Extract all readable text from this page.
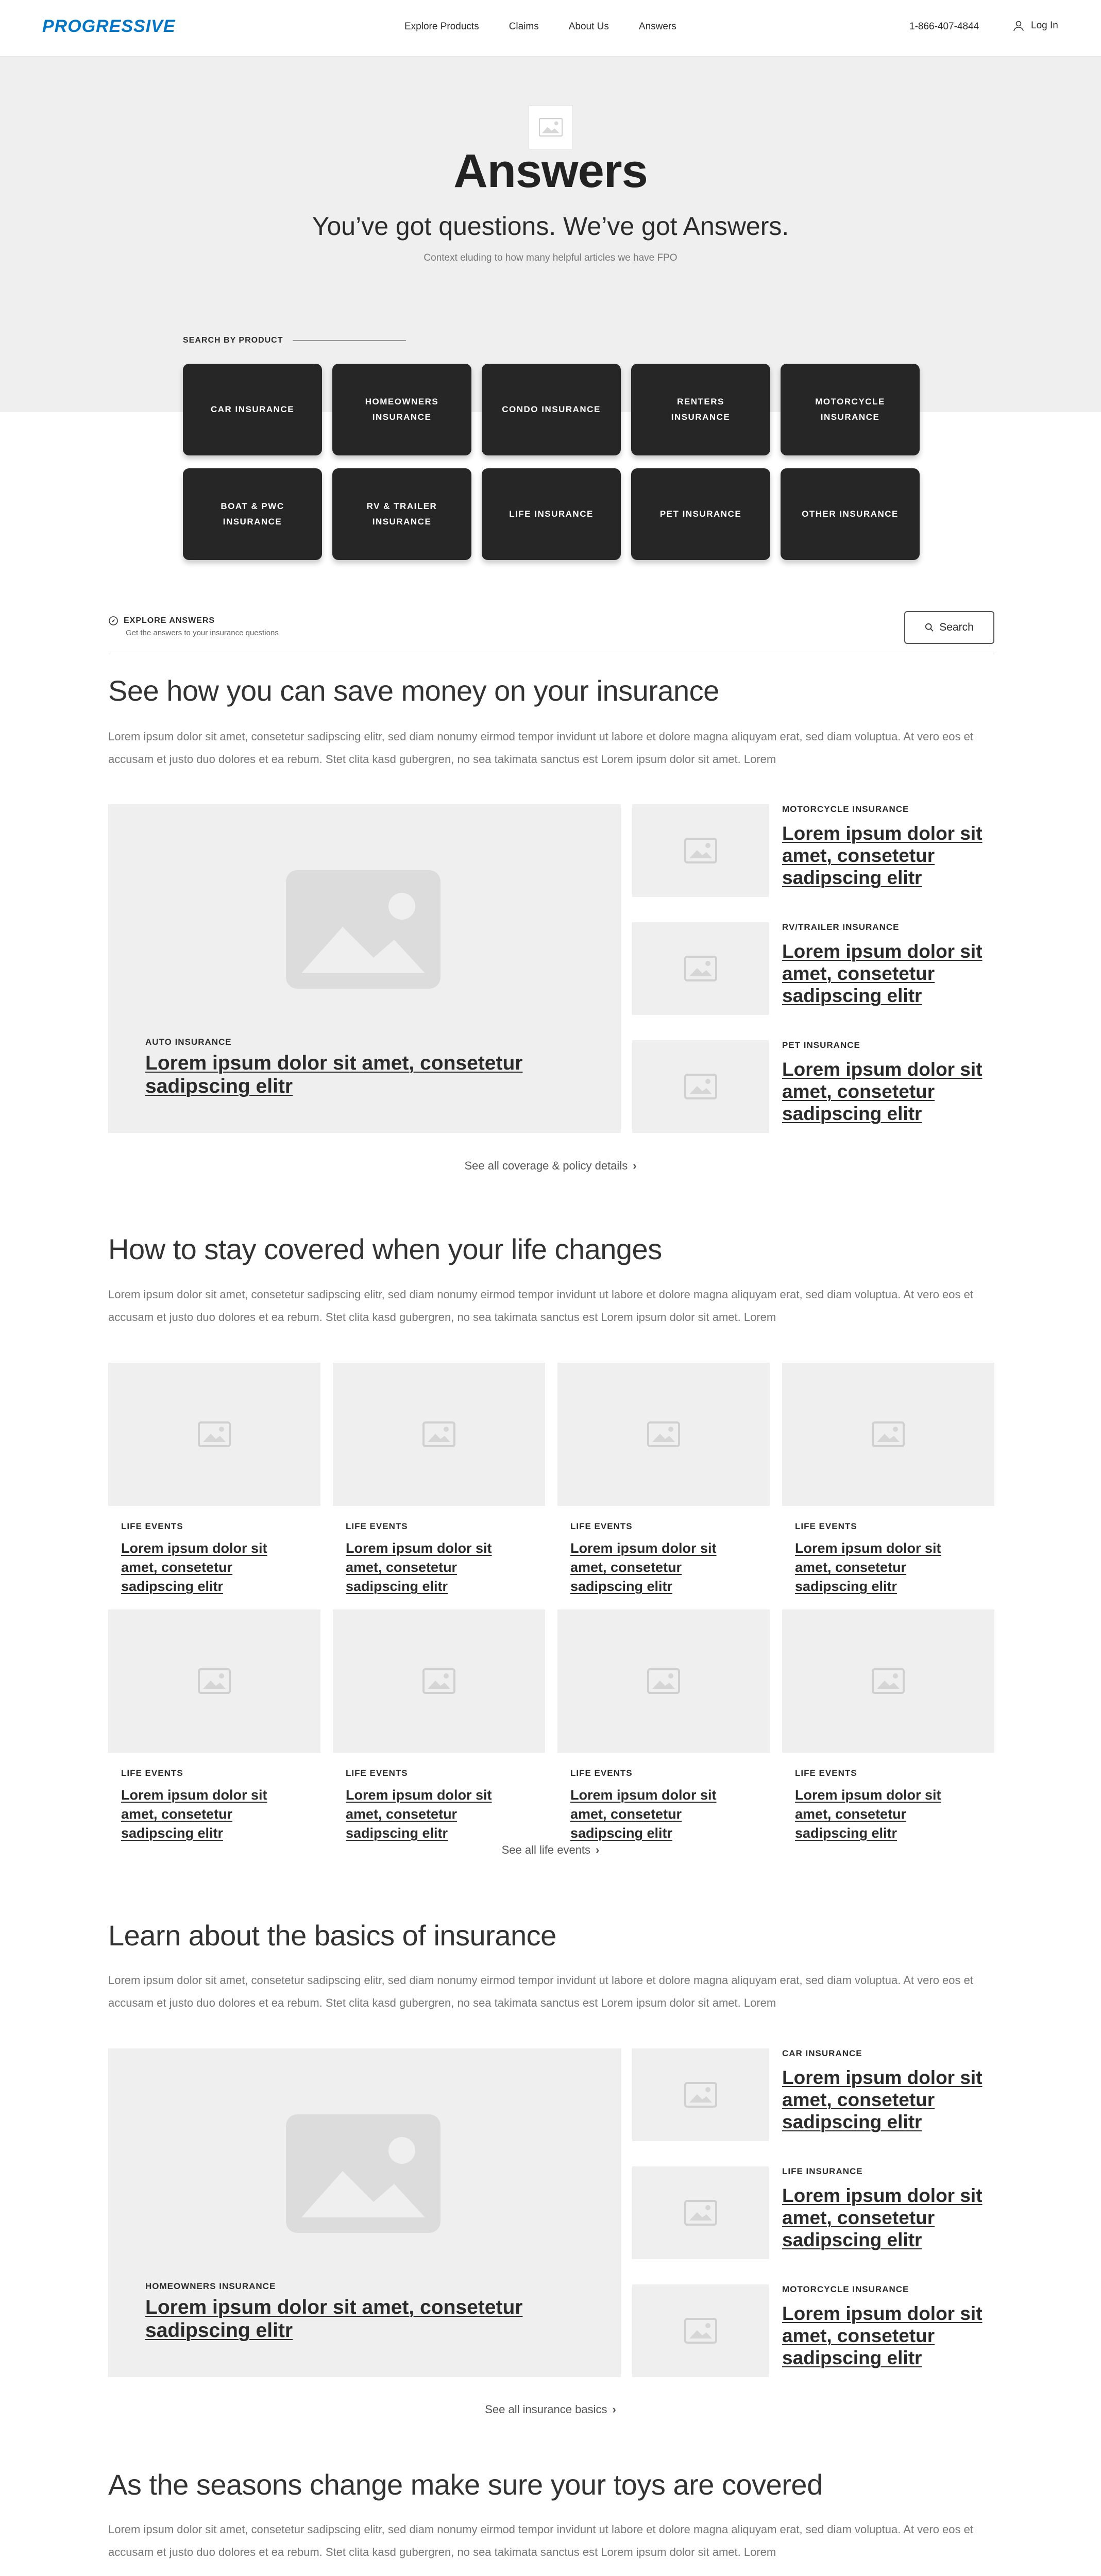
PROGRESSIVE	Explore Products	Claims	About Us	Answers	1-866-407-4844	Log In
Answers
You’ve got questions. We’ve got Answers.
Context eluding to how many helpful articles we have FPO
SEARCH BY PRODUCT
CAR INSURANCE
HOMEOWNERS INSURANCE
CONDO INSURANCE
RENTERS INSURANCE
MOTORCYCLE INSURANCE
BOAT & PWC INSURANCE
RV & TRAILER INSURANCE
LIFE INSURANCE	PET INSURANCE	OTHER INSURANCE
EXPLORE ANSWERS
Get the answers to your insurance questions	Search
See how you can save money on your insurance
Lorem ipsum dolor sit amet, consetetur sadipscing elitr, sed diam nonumy eirmod tempor invidunt ut labore et dolore magna aliquyam erat, sed diam voluptua. At vero eos et accusam et justo duo dolores et ea rebum. Stet clita kasd gubergren, no sea takimata sanctus est Lorem ipsum dolor sit amet. Lorem
AUTO INSURANCE
Lorem ipsum dolor sit amet, consetetur sadipscing elitr
MOTORCYCLE INSURANCE
Lorem ipsum dolor sit amet, consetetur sadipscing elitr
RV/TRAILER INSURANCE
Lorem ipsum dolor sit amet, consetetur sadipscing elitr
PET INSURANCE
Lorem ipsum dolor sit amet, consetetur sadipscing elitr
See all coverage & policy details ›
How to stay covered when your life changes
Lorem ipsum dolor sit amet, consetetur sadipscing elitr, sed diam nonumy eirmod tempor invidunt ut labore et dolore magna aliquyam erat, sed diam voluptua. At vero eos et accusam et justo duo dolores et ea rebum. Stet clita kasd gubergren, no sea takimata sanctus est Lorem ipsum dolor sit amet. Lorem
LIFE EVENTS
Lorem ipsum dolor sit amet, consetetur sadipscing elitr
LIFE EVENTS
Lorem ipsum dolor sit amet, consetetur sadipscing elitr
LIFE EVENTS
Lorem ipsum dolor sit amet, consetetur sadipscing elitr
LIFE EVENTS
Lorem ipsum dolor sit amet, consetetur sadipscing elitr
LIFE EVENTS
Lorem ipsum dolor sit amet, consetetur sadipscing elitr
LIFE EVENTS
Lorem ipsum dolor sit amet, consetetur sadipscing elitr
LIFE EVENTS
Lorem ipsum dolor sit amet, consetetur sadipscing elitr
LIFE EVENTS
Lorem ipsum dolor sit amet, consetetur sadipscing elitr
See all life events ›
Learn about the basics of insurance
Lorem ipsum dolor sit amet, consetetur sadipscing elitr, sed diam nonumy eirmod tempor invidunt ut labore et dolore magna aliquyam erat, sed diam voluptua. At vero eos et accusam et justo duo dolores et ea rebum. Stet clita kasd gubergren, no sea takimata sanctus est Lorem ipsum dolor sit amet. Lorem
HOMEOWNERS INSURANCE
Lorem ipsum dolor sit amet, consetetur sadipscing elitr
CAR INSURANCE
Lorem ipsum dolor sit amet, consetetur sadipscing elitr
LIFE INSURANCE
Lorem ipsum dolor sit amet, consetetur sadipscing elitr
MOTORCYCLE INSURANCE
Lorem ipsum dolor sit amet, consetetur sadipscing elitr
See all insurance basics ›
As the seasons change make sure your toys are covered
Lorem ipsum dolor sit amet, consetetur sadipscing elitr, sed diam nonumy eirmod tempor invidunt ut labore et dolore magna aliquyam erat, sed diam voluptua. At vero eos et accusam et justo duo dolores et ea rebum. Stet clita kasd gubergren, no sea takimata sanctus est Lorem ipsum dolor sit amet. Lorem
